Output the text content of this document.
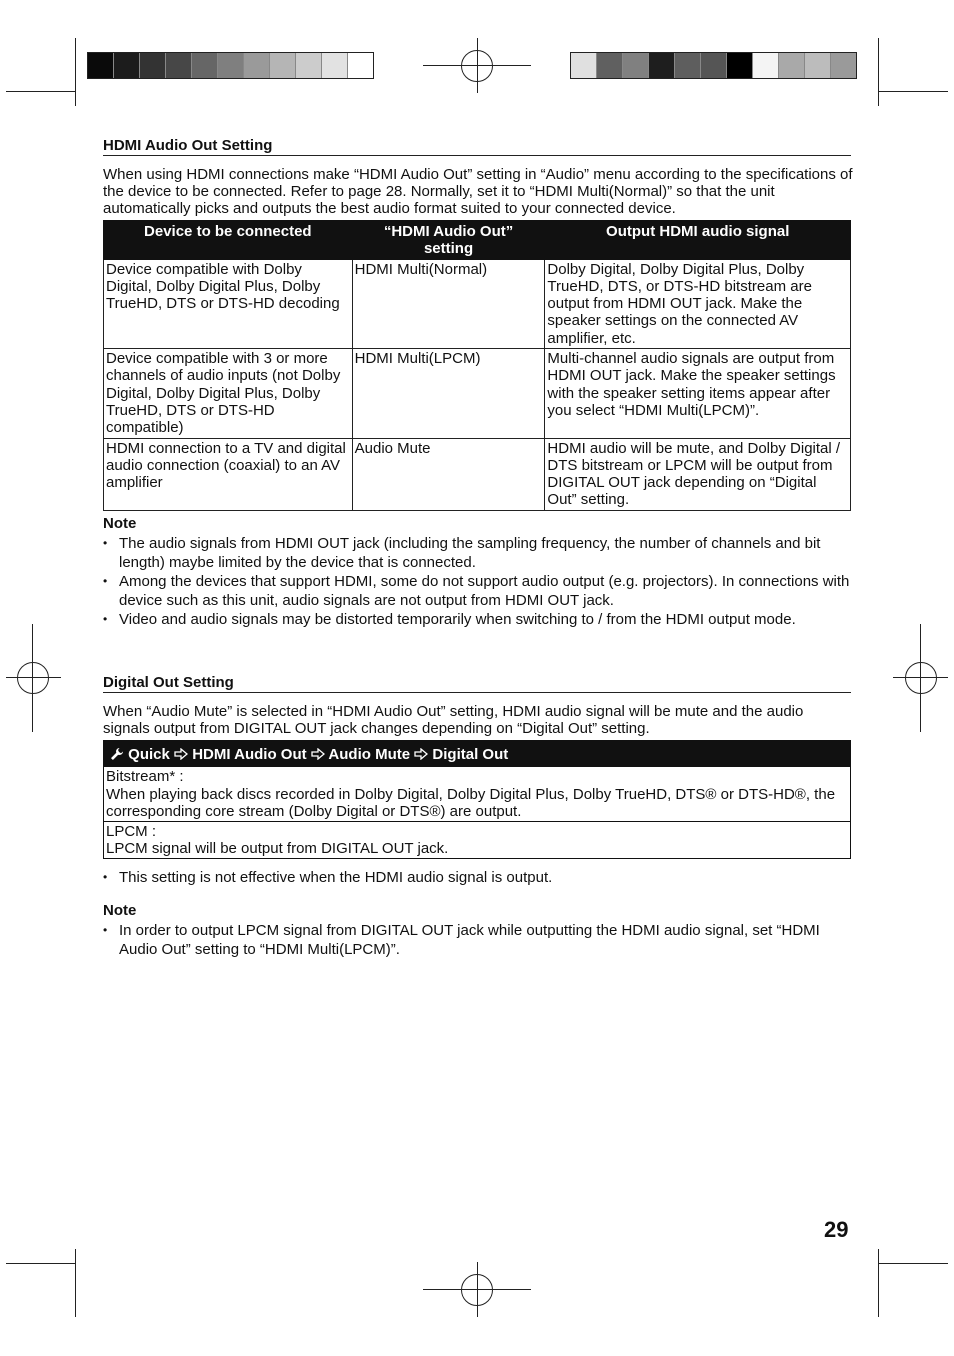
HDMI Audio Out Setting
When using HDMI connections make “HDMI Audio Out” setting in “Audio” menu according to the specifications of the device to be connected. Refer to page 28. Normally, set it to “HDMI Multi(Normal)” so that the unit automatically picks and outputs the best audio format suited to your connected device.
Device to be connected	“HDMI Audio Out” setting	Output HDMI audio signal
Device compatible with Dolby Digital, Dolby Digital Plus, Dolby TrueHD, DTS or DTS-HD decoding	HDMI Multi(Normal)	Dolby Digital, Dolby Digital Plus, Dolby TrueHD, DTS, or DTS-HD bitstream are output from HDMI OUT jack. Make the speaker settings on the connected AV amplifier, etc.
Device compatible with 3 or more channels of audio inputs (not Dolby Digital, Dolby Digital Plus, Dolby TrueHD, DTS or DTS-HD compatible)	HDMI Multi(LPCM)	Multi-channel audio signals are output from HDMI OUT jack. Make the speaker settings with the speaker setting items appear after you select “HDMI Multi(LPCM)”.
HDMI connection to a TV and digital audio connection (coaxial) to an AV amplifier	Audio Mute	HDMI audio will be mute, and Dolby Digital / DTS bitstream or LPCM will be output from DIGITAL OUT jack depending on “Digital Out” setting.
Note
• The audio signals from HDMI OUT jack (including the sampling frequency, the number of channels and bit length) maybe limited by the device that is connected.
• Among the devices that support HDMI, some do not support audio output (e.g. projectors). In connections with device such as this unit, audio signals are not output from HDMI OUT jack.
• Video and audio signals may be distorted temporarily when switching to / from the HDMI output mode.
Digital Out Setting
When “Audio Mute” is selected in “HDMI Audio Out” setting, HDMI audio signal will be mute and the audio signals output from DIGITAL OUT jack changes depending on “Digital Out” setting.
Quick HDMI Audio Out Audio Mute Digital Out
Bitstream* :
When playing back discs recorded in Dolby Digital, Dolby Digital Plus, Dolby TrueHD, DTS® or DTS-HD®, the corresponding core stream (Dolby Digital or DTS®) are output.
LPCM :
LPCM signal will be output from DIGITAL OUT jack.
• This setting is not effective when the HDMI audio signal is output.
Note
• In order to output LPCM signal from DIGITAL OUT jack while outputting the HDMI audio signal, set “HDMI Audio Out” setting to “HDMI Multi(LPCM)”.
29
